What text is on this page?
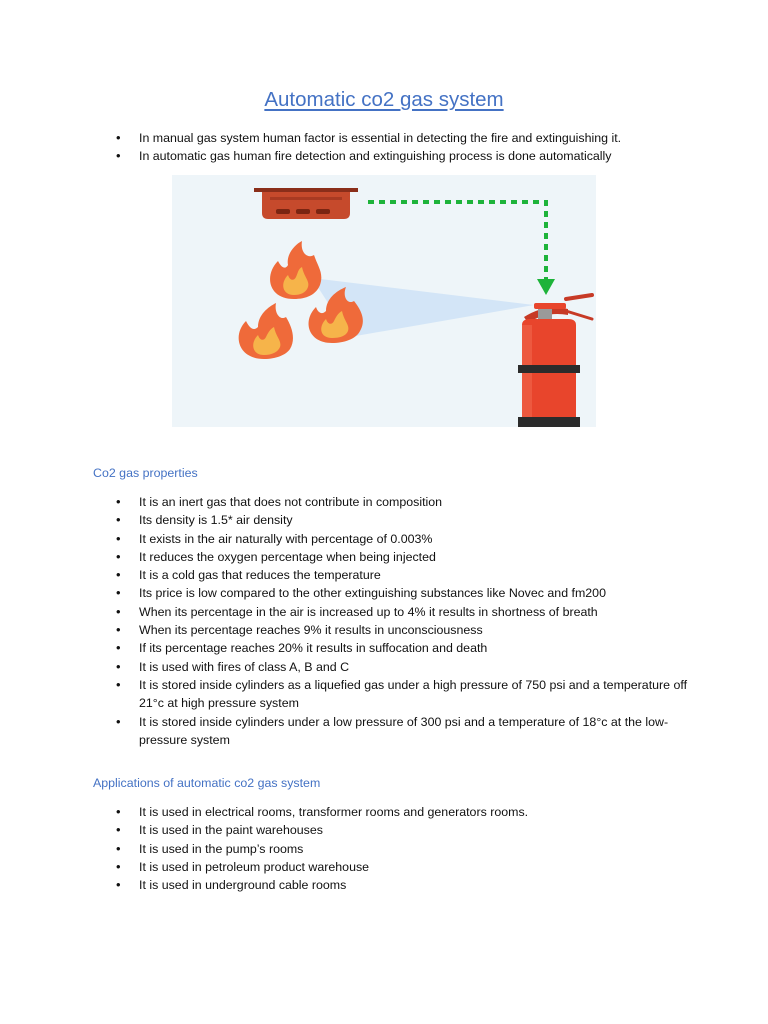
Automatic co2 gas system
• In manual gas system human factor is essential in detecting the fire and extinguishing it.
• In automatic gas human fire detection and extinguishing process is done automatically
Co2 gas properties
• It is an inert gas that does not contribute in composition
• Its density is 1.5* air density
• It exists in the air naturally with percentage of 0.003%
• It reduces the oxygen percentage when being injected
• It is a cold gas that reduces the temperature
• Its price is low compared to the other extinguishing substances like Novec and fm200
• When its percentage in the air is increased up to 4% it results in shortness of breath
• When its percentage reaches 9% it results in unconsciousness
• If its percentage reaches 20% it results in suffocation and death
• It is used with fires of class A, B and C
• It is stored inside cylinders as a liquefied gas under a high pressure of 750 psi and a temperature off 21°c at high pressure system
• It is stored inside cylinders under a low pressure of 300 psi and a temperature of 18°c at the low-pressure system
Applications of automatic co2 gas system
• It is used in electrical rooms, transformer rooms and generators rooms.
• It is used in the paint warehouses
• It is used in the pump’s rooms
• It is used in petroleum product warehouse
• It is used in underground cable rooms
